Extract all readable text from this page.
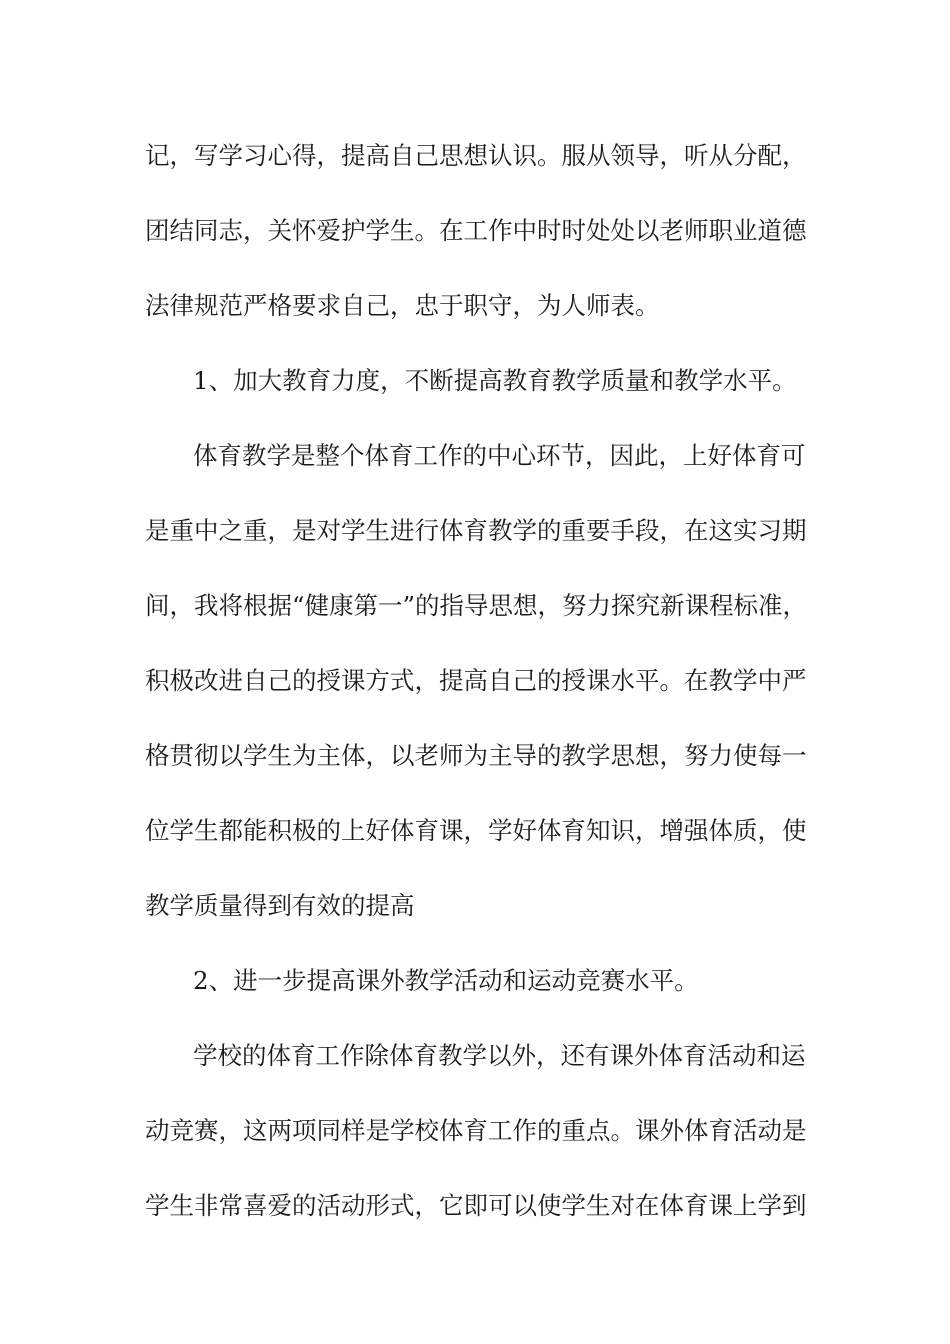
记，写学习心得，提高自己思想认识。服从领导，听从分配，
团结同志，关怀爱护学生。在工作中时时处处以老师职业道德
法律规范严格要求自己，忠于职守，为人师表。
1、加大教育力度，不断提高教育教学质量和教学水平。
体育教学是整个体育工作的中心环节，因此，上好体育可
是重中之重，是对学生进行体育教学的重要手段，在这实习期
间，我将根据“健康第一”的指导思想，努力探究新课程标准，
积极改进自己的授课方式，提高自己的授课水平。在教学中严
格贯彻以学生为主体，以老师为主导的教学思想，努力使每一
位学生都能积极的上好体育课，学好体育知识，增强体质，使
教学质量得到有效的提高
2、进一步提高课外教学活动和运动竞赛水平。
学校的体育工作除体育教学以外，还有课外体育活动和运
动竞赛，这两项同样是学校体育工作的重点。课外体育活动是
学生非常喜爱的活动形式，它即可以使学生对在体育课上学到
